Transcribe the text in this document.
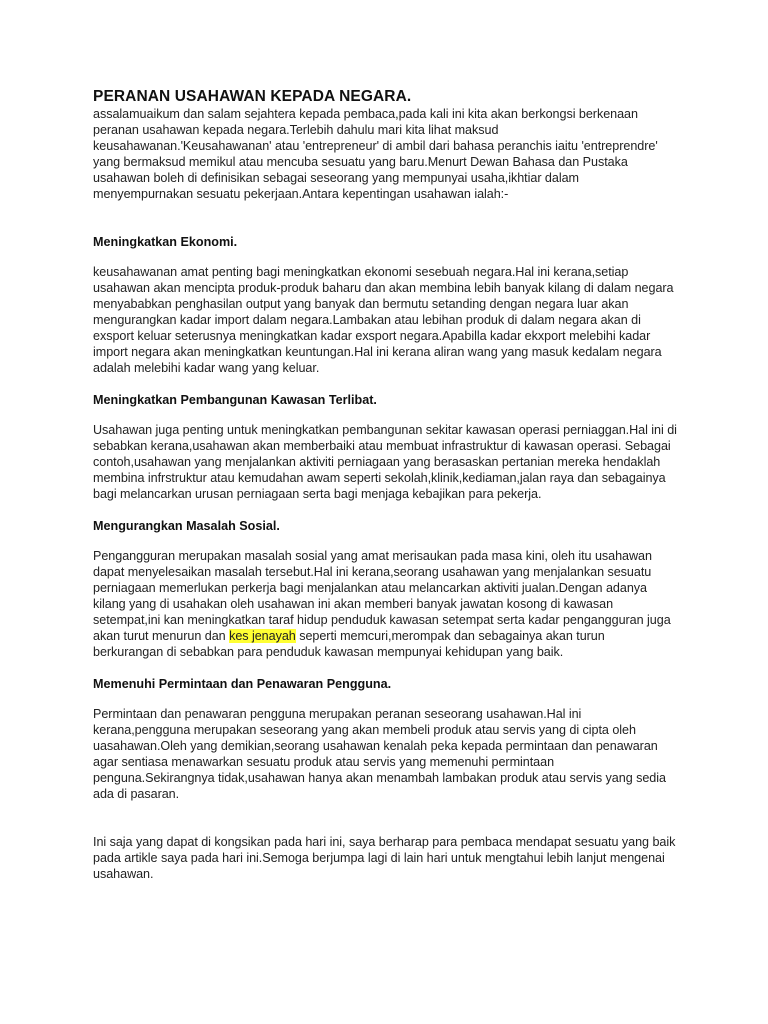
PERANAN USAHAWAN KEPADA NEGARA.

assalamuaikum dan salam sejahtera kepada pembaca,pada kali ini kita akan berkongsi berkenaan peranan usahawan kepada negara.Terlebih dahulu mari kita lihat maksud keusahawanan.'Keusahawanan' atau 'entrepreneur' di ambil dari bahasa peranchis iaitu 'entreprendre' yang bermaksud memikul atau mencuba sesuatu yang baru.Menurt Dewan Bahasa dan Pustaka usahawan boleh di definisikan sebagai seseorang yang mempunyai usaha,ikhtiar dalam menyempurnakan sesuatu pekerjaan.Antara kepentingan usahawan ialah:-

Meningkatkan Ekonomi.

keusahawanan amat penting bagi meningkatkan ekonomi sesebuah negara.Hal ini kerana,setiap usahawan akan mencipta produk-produk baharu dan akan membina lebih banyak kilang di dalam negara menyababkan penghasilan output yang banyak dan bermutu setanding dengan negara luar akan mengurangkan kadar import dalam negara.Lambakan atau lebihan produk di dalam negara akan di exsport keluar seterusnya meningkatkan kadar exsport negara.Apabilla kadar ekxport melebihi kadar import negara akan meningkatkan keuntungan.Hal ini kerana aliran wang yang masuk kedalam negara adalah melebihi kadar wang yang keluar.

Meningkatkan Pembangunan Kawasan Terlibat.

Usahawan juga penting untuk meningkatkan pembangunan sekitar kawasan operasi perniaggan.Hal ini di sebabkan kerana,usahawan akan memberbaiki atau membuat infrastruktur di kawasan operasi. Sebagai contoh,usahawan yang menjalankan aktiviti perniagaan yang berasaskan pertanian mereka hendaklah membina infrstruktur atau kemudahan awam seperti sekolah,klinik,kediaman,jalan raya dan sebagainya bagi melancarkan urusan perniagaan serta bagi menjaga kebajikan para pekerja.

Mengurangkan Masalah Sosial.

Pengangguran merupakan masalah sosial yang amat merisaukan pada masa kini, oleh itu usahawan dapat menyelesaikan masalah tersebut.Hal ini kerana,seorang usahawan yang menjalankan sesuatu perniagaan memerlukan perkerja bagi menjalankan atau melancarkan aktiviti jualan.Dengan adanya kilang yang di usahakan oleh usahawan ini akan memberi banyak jawatan kosong di kawasan setempat,ini kan meningkatkan taraf hidup penduduk kawasan setempat serta kadar pengangguran juga akan turut menurun dan kes jenayah seperti memcuri,merompak dan sebagainya akan turun berkurangan di sebabkan para penduduk kawasan mempunyai kehidupan yang baik.

Memenuhi Permintaan dan Penawaran Pengguna.

Permintaan dan penawaran pengguna merupakan peranan seseorang usahawan.Hal ini kerana,pengguna merupakan seseorang yang akan membeli produk atau servis yang di cipta oleh uasahawan.Oleh yang demikian,seorang usahawan kenalah peka kepada permintaan dan penawaran agar sentiasa menawarkan sesuatu produk atau servis yang memenuhi permintaan penguna.Sekirangnya tidak,usahawan hanya akan menambah lambakan produk atau servis yang sedia ada di pasaran.

Ini saja yang dapat di kongsikan pada hari ini, saya berharap para pembaca mendapat sesuatu yang baik pada artikle saya pada hari ini.Semoga berjumpa lagi di lain hari untuk mengtahui lebih lanjut mengenai usahawan.
